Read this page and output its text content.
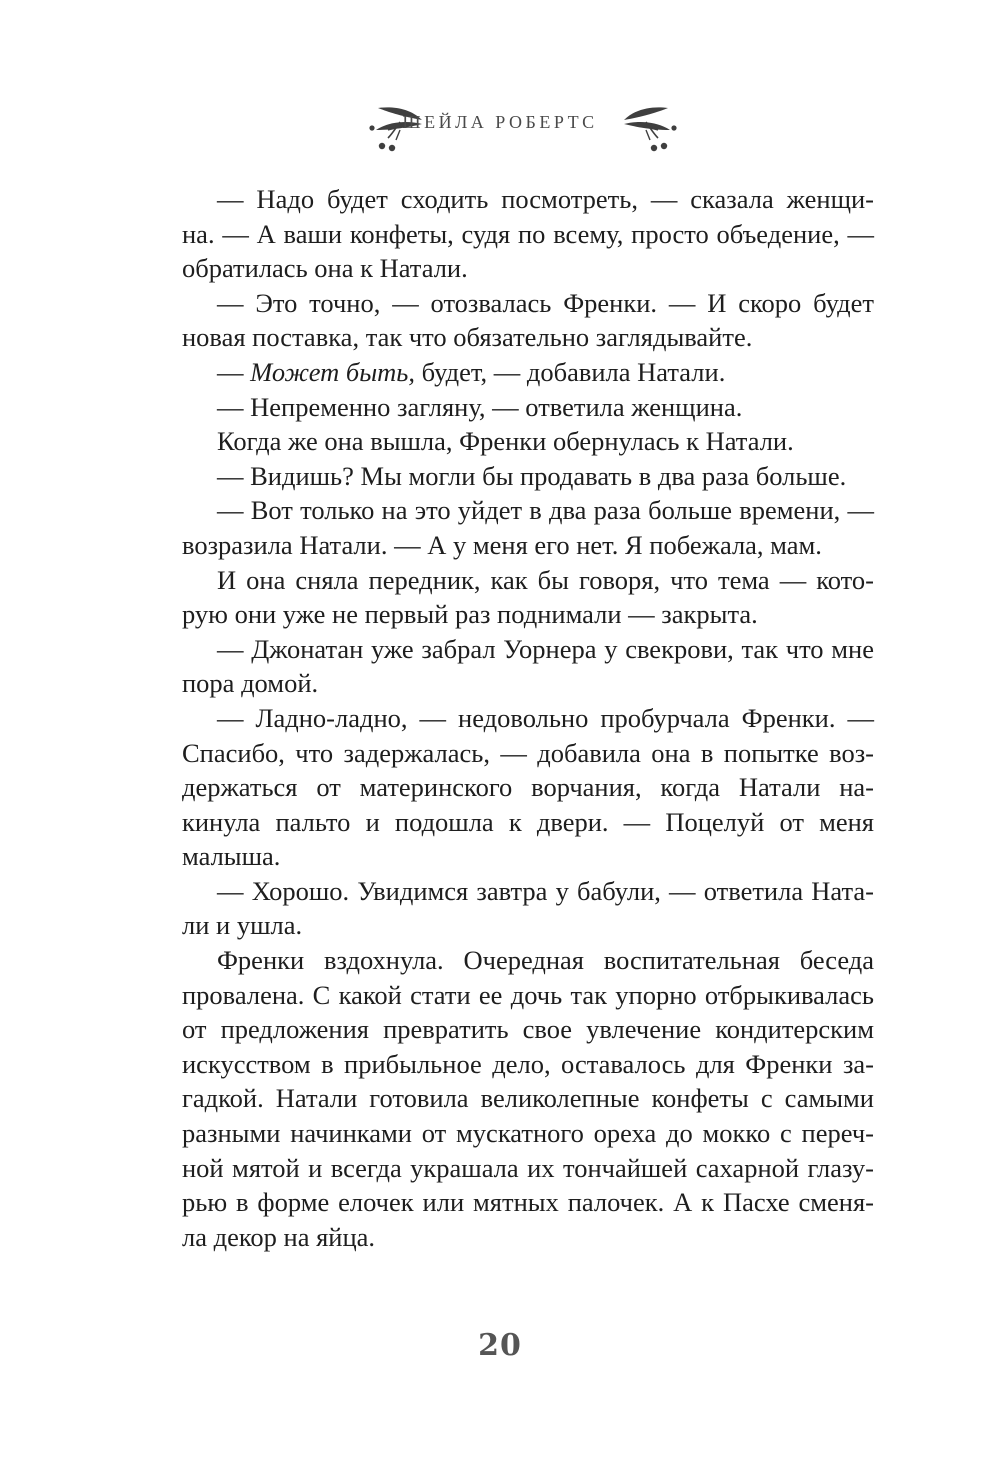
ШЕЙЛА РОБЕРТС
— Надо будет сходить посмотреть, — сказала женщи-
на. — А ваши конфеты, судя по всему, просто объедение, —
обратилась она к Натали.
— Это точно, — отозвалась Френки. — И скоро будет
новая поставка, так что обязательно заглядывайте.
— Может быть, будет, — добавила Натали.
— Непременно загляну, — ответила женщина.
Когда же она вышла, Френки обернулась к Натали.
— Видишь? Мы могли бы продавать в два раза больше.
— Вот только на это уйдет в два раза больше времени, —
возразила Натали. — А у меня его нет. Я побежала, мам.
И она сняла передник, как бы говоря, что тема — кото-
рую они уже не первый раз поднимали — закрыта.
— Джонатан уже забрал Уорнера у свекрови, так что мне
пора домой.
— Ладно-ладно, — недовольно пробурчала Френки. —
Спасибо, что задержалась, — добавила она в попытке воз-
держаться от материнского ворчания, когда Натали на-
кинула пальто и подошла к двери. — Поцелуй от меня
малыша.
— Хорошо. Увидимся завтра у бабули, — ответила Ната-
ли и ушла.
Френки вздохнула. Очередная воспитательная беседа
провалена. С какой стати ее дочь так упорно отбрыкивалась
от предложения превратить свое увлечение кондитерским
искусством в прибыльное дело, оставалось для Френки за-
гадкой. Натали готовила великолепные конфеты с самыми
разными начинками от мускатного ореха до мокко с переч-
ной мятой и всегда украшала их тончайшей сахарной глазу-
рью в форме елочек или мятных палочек. А к Пасхе сменя-
ла декор на яйца.
20
